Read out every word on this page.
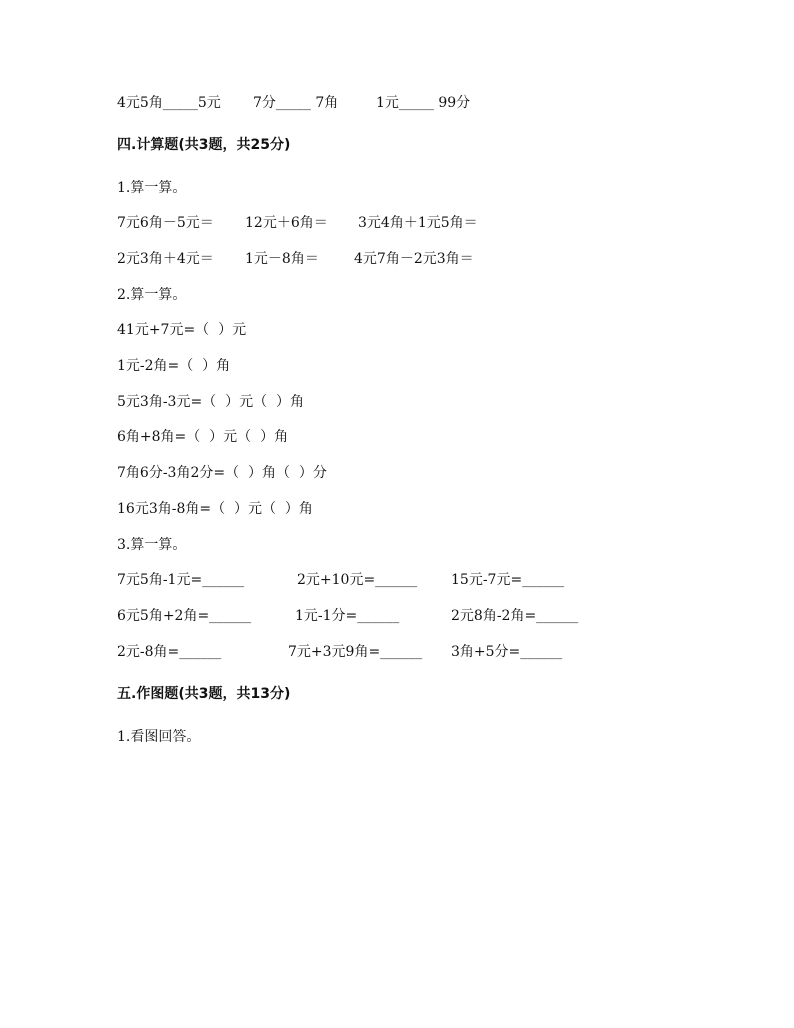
4元5角_____5元 7分_____ 7角	1元_____ 99分
四.计算题(共3题，共25分)
1.算一算。
7元6角－5元＝ 12元＋6角＝ 3元4角＋1元5角＝
2元3角＋4元＝ 1元－8角＝	4元7角－2元3角＝
2.算一算。
41元+7元=（  ）元
1元-2角=（  ）角
5元3角-3元=（  ）元（  ）角
6角+8角=（  ）元（  ）角
7角6分-3角2分=（  ）角（  ）分
16元3角-8角=（  ）元（  ）角
3.算一算。
7元5角-1元=______	2元+10元=______ 15元-7元=______
6元5角+2角=______	1元-1分=______	2元8角-2角=______
2元-8角=______	7元+3元9角=______ 3角+5分=______
五.作图题(共3题，共13分)
1.看图回答。
